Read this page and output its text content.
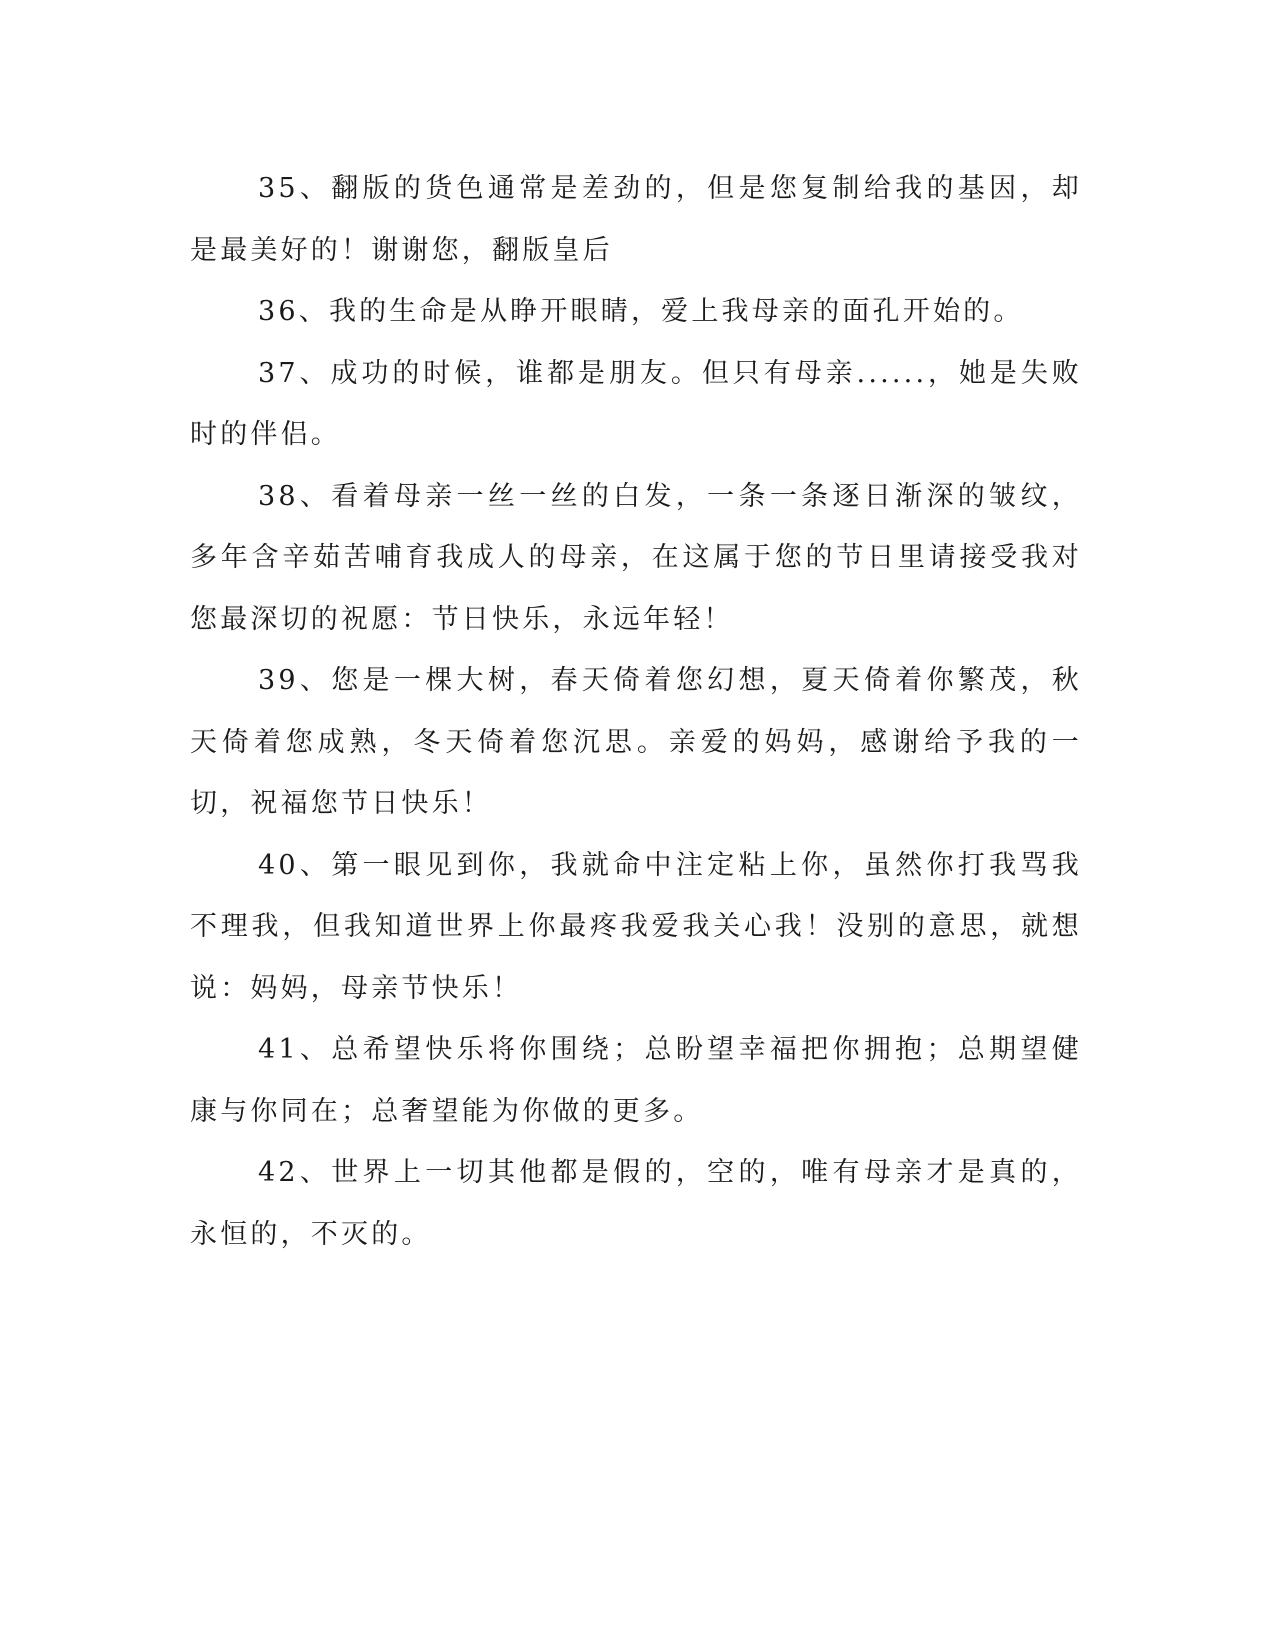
35、翻版的货色通常是差劲的，但是您复制给我的基因，却是最美好的！谢谢您，翻版皇后

36、我的生命是从睁开眼睛，爱上我母亲的面孔开始的。

37、成功的时候，谁都是朋友。但只有母亲......，她是失败时的伴侣。

38、看着母亲一丝一丝的白发，一条一条逐日渐深的皱纹，多年含辛茹苦哺育我成人的母亲，在这属于您的节日里请接受我对您最深切的祝愿：节日快乐，永远年轻！

39、您是一棵大树，春天倚着您幻想，夏天倚着你繁茂，秋天倚着您成熟，冬天倚着您沉思。亲爱的妈妈，感谢给予我的一切，祝福您节日快乐！

40、第一眼见到你，我就命中注定粘上你，虽然你打我骂我不理我，但我知道世界上你最疼我爱我关心我！没别的意思，就想说：妈妈，母亲节快乐！

41、总希望快乐将你围绕；总盼望幸福把你拥抱；总期望健康与你同在；总奢望能为你做的更多。

42、世界上一切其他都是假的，空的，唯有母亲才是真的，永恒的，不灭的。
